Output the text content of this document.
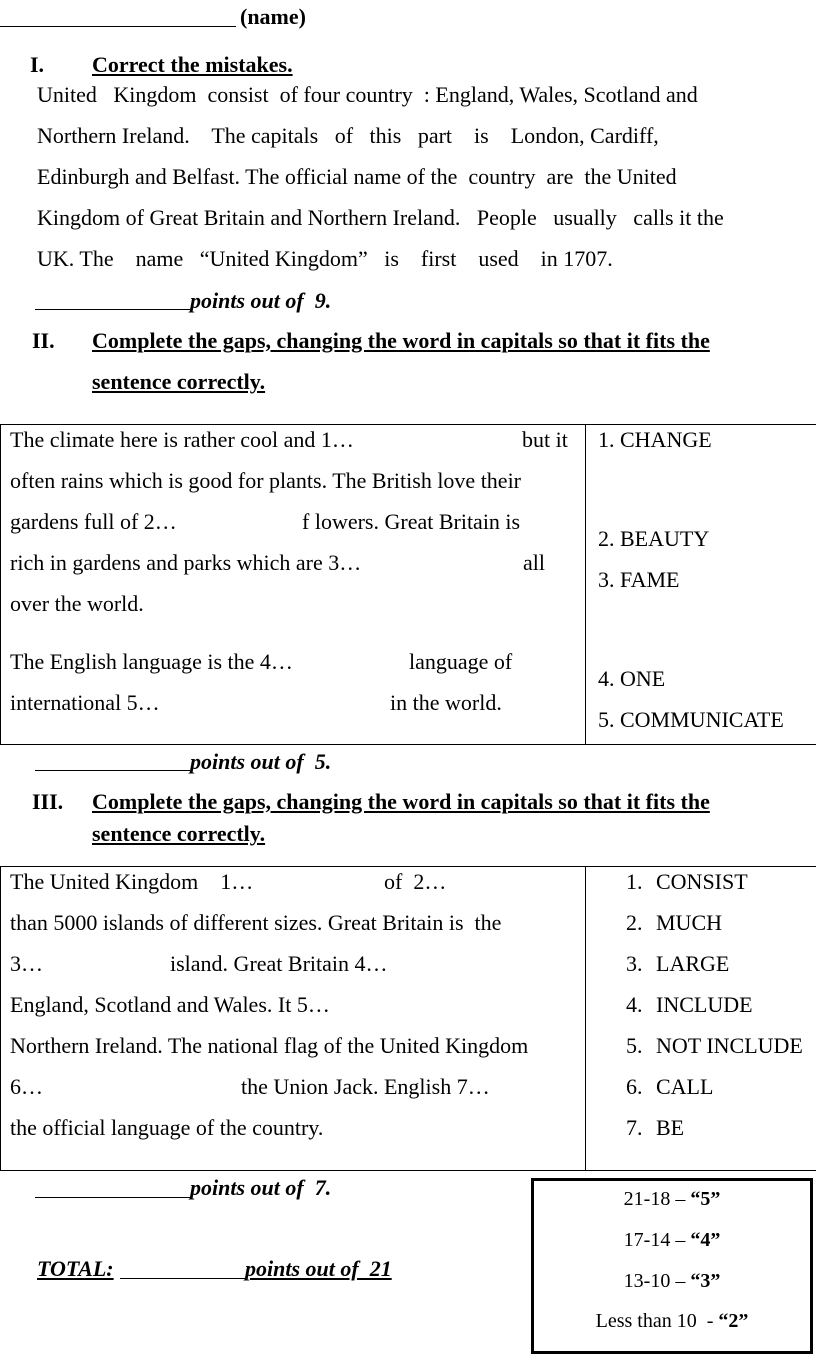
(name)
I. Correct the mistakes.
United   Kingdom  consist  of four country  : England, Wales, Scotland and
Northern Ireland.    The capitals   of   this   part    is    London, Cardiff,
Edinburgh and Belfast. The official name of the  country  are  the United
Kingdom of Great Britain and Northern Ireland.   People   usually   calls it the
UK. The    name   “United Kingdom”   is    first    used    in 1707.
points out of  9.
II. Complete the gaps, changing the word in capitals so that it fits the
sentence correctly.
The climate here is rather cool and 1…	but it
often rains which is good for plants. The British love their
gardens full of 2…	f lowers. Great Britain is
rich in gardens and parks which are 3…	all
over the world.
The English language is the 4…	language of
international 5…	in the world.
1. CHANGE
2. BEAUTY
3. FAME
4. ONE
5. COMMUNICATE
points out of  5.
III. Complete the gaps, changing the word in capitals so that it fits the
sentence correctly.
The United Kingdom    1…	of  2…
than 5000 islands of different sizes. Great Britain is  the
3…	island. Great Britain 4…
England, Scotland and Wales. It 5…
Northern Ireland. The national flag of the United Kingdom
6…	the Union Jack. English 7…
the official language of the country.
1. CONSIST
2. MUCH
3. LARGE
4. INCLUDE
5. NOT INCLUDE
6. CALL
7. BE
points out of  7.
TOTAL:	points out of  21
21-18 – “5”
17-14 – “4”
13-10 – “3”
Less than 10  - “2”
